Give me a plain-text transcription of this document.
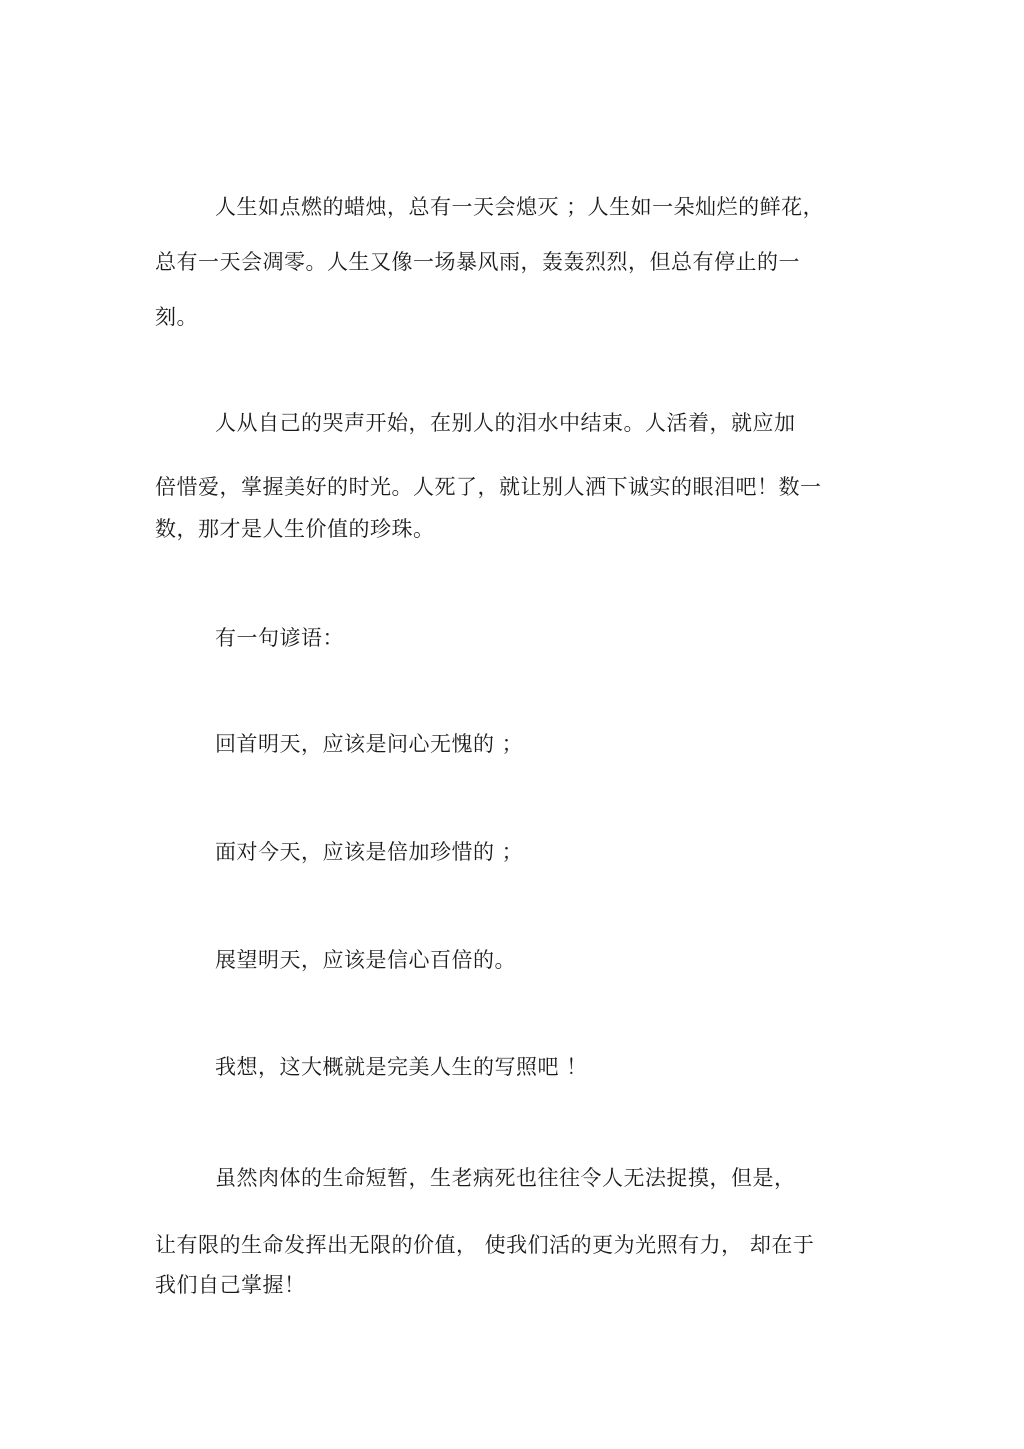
人生如点燃的蜡烛，总有一天会熄灭 ；人生如一朵灿烂的鲜花，
总有一天会凋零。人生又像一场暴风雨，轰轰烈烈，但总有停止的一
刻。
人从自己的哭声开始，在别人的泪水中结束。人活着，就应加
倍惜爱，掌握美好的时光。人死了，就让别人洒下诚实的眼泪吧！数一
数，那才是人生价值的珍珠。
有一句谚语：
回首明天，应该是问心无愧的 ；
面对今天，应该是倍加珍惜的 ；
展望明天，应该是信心百倍的。
我想，这大概就是完美人生的写照吧 ！
虽然肉体的生命短暂，生老病死也往往令人无法捉摸，但是，
让有限的生命发挥出无限的价值， 使我们活的更为光照有力， 却在于
我们自己掌握！
